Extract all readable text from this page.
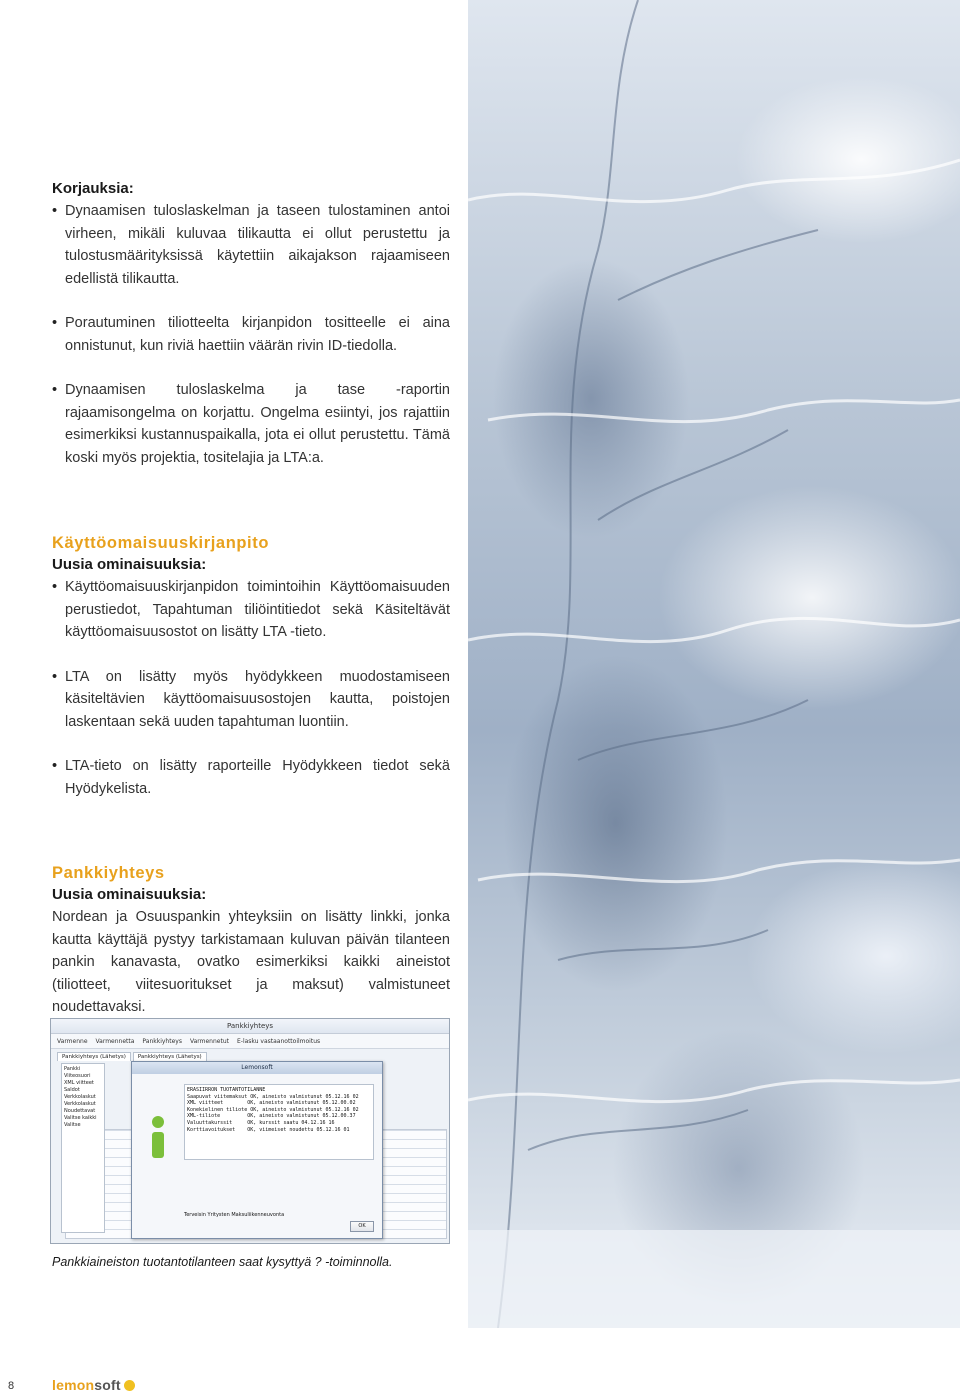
Korjauksia:
• Dynaamisen tuloslaskelman ja taseen tulostaminen antoi virheen, mikäli kuluvaa tilikautta ei ollut perustettu ja tulostusmäärityksissä käytettiin aikajakson rajaamiseen edellistä tilikautta.
• Porautuminen tiliotteelta kirjanpidon tositteelle ei aina onnistunut, kun riviä haettiin väärän rivin ID-tiedolla.
• Dynaamisen tuloslaskelma ja tase -raportin rajaamisongelma on korjattu. Ongelma esiintyi, jos rajattiin esimerkiksi kustannuspaikalla, jota ei ollut perustettu. Tämä koski myös projektia, tositelajia ja LTA:a.
Käyttöomaisuuskirjanpito
Uusia ominaisuuksia:
• Käyttöomaisuuskirjanpidon toimintoihin Käyttöomaisuuden perustiedot, Tapahtuman tiliöintitiedot sekä Käsiteltävät käyttöomaisuusostot on lisätty LTA -tieto.
• LTA on lisätty myös hyödykkeen muodostamiseen käsiteltävien käyttöomaisuusostojen kautta, poistojen laskentaan sekä uuden tapahtuman luontiin.
• LTA-tieto on lisätty raporteille Hyödykkeen tiedot sekä Hyödykelista.
Pankkiyhteys
Uusia ominaisuuksia:

Nordean ja Osuuspankin yhteyksiin on lisätty linkki, jonka kautta käyttäjä pystyy tarkistamaan kuluvan päivän tilanteen pankin kanavasta, ovatko esimerkiksi kaikki aineistot (tiliotteet, viitesuoritukset ja maksut) valmistuneet noudettavaksi.

Pankkiyhteys
Varmenne Varmennetta Pankkiyhteys Varmennetut E-lasku vastaanottoilmoitus
Pankkiyhteys (Lähetys)	Pankkiyhteys (Lähetys)
Pankki
Viiteosuori
XML viitteet
Saldot
Verkkolaskut
Verkkolaskut
Noudettavat
Valitse kaikki
Valitse
Lemonsoft
ERASIIRRON TUOTANTOTILANNE
Saapuvat viitemaksut OK, aineisto valmistunut 05.12.16 02
XML viitteet        OK, aineisto valmistunut 05.12.00.02
Konekielinen tiliote OK, aineisto valmistunut 05.12.16 02
XML-tiliote         OK, aineisto valmistunut 05.12.00.37
Valuuttakurssit     OK, kurssit saatu 04.12.16 16
Korttiavoitukset    OK, viimeiset noudettu 05.12.16 01
Terveisin Yritysten Maksuliikenneuvonta
OK
Pankkiaineiston tuotantotilanteen saat kysyttyä ? -toiminnolla.
8	lemonsoft
